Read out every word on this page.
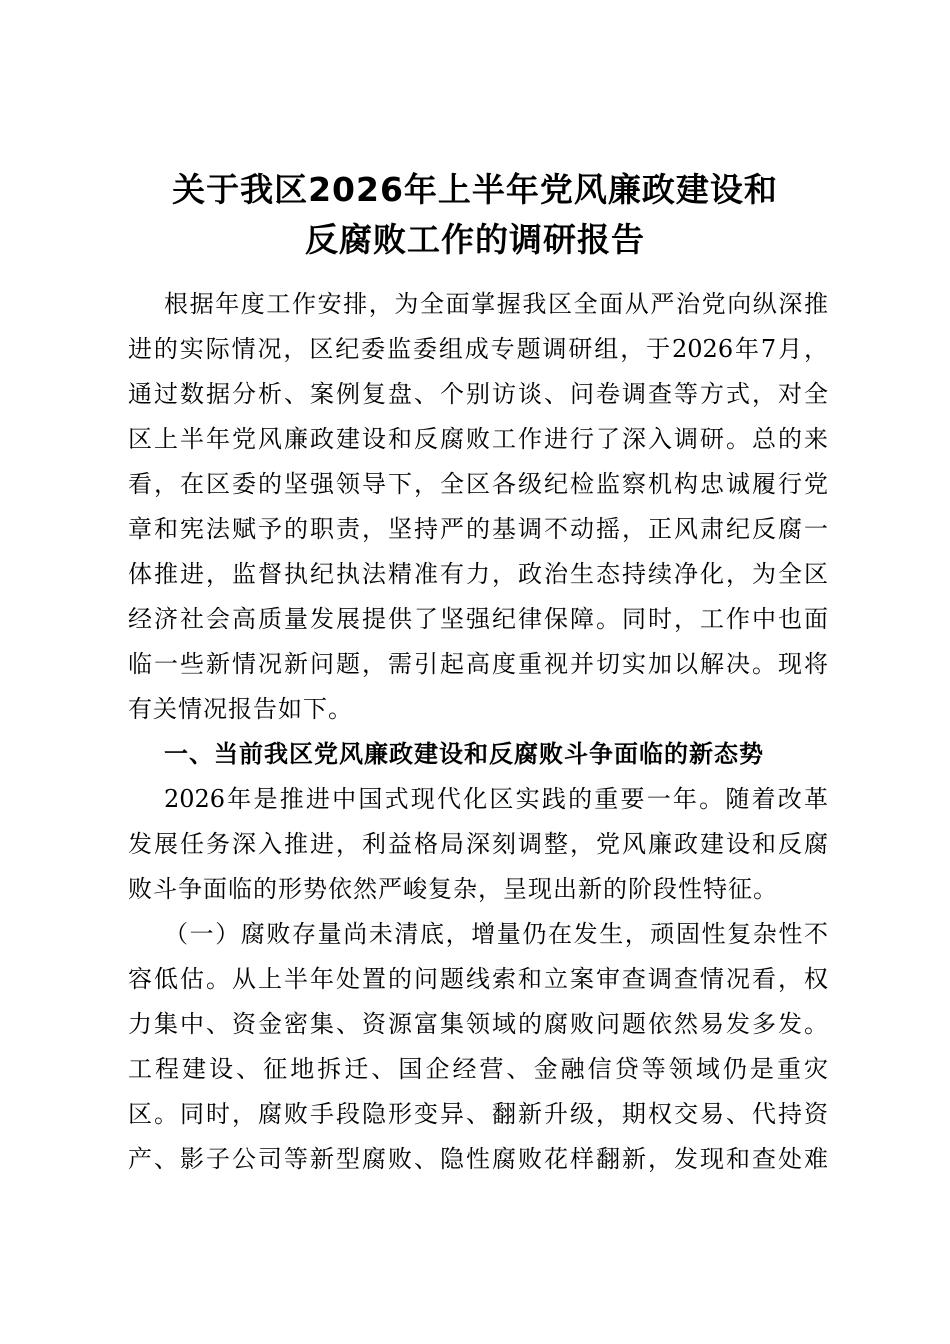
关于我区2026年上半年党风廉政建设和
反腐败工作的调研报告
根据年度工作安排，为全面掌握我区全面从严治党向纵深推
进的实际情况，区纪委监委组成专题调研组，于2026年7月，
通过数据分析、案例复盘、个别访谈、问卷调查等方式，对全
区上半年党风廉政建设和反腐败工作进行了深入调研。总的来
看，在区委的坚强领导下，全区各级纪检监察机构忠诚履行党
章和宪法赋予的职责，坚持严的基调不动摇，正风肃纪反腐一
体推进，监督执纪执法精准有力，政治生态持续净化，为全区
经济社会高质量发展提供了坚强纪律保障。同时，工作中也面
临一些新情况新问题，需引起高度重视并切实加以解决。现将
有关情况报告如下。
一、当前我区党风廉政建设和反腐败斗争面临的新态势
2026年是推进中国式现代化区实践的重要一年。随着改革
发展任务深入推进，利益格局深刻调整，党风廉政建设和反腐
败斗争面临的形势依然严峻复杂，呈现出新的阶段性特征。
（一）腐败存量尚未清底，增量仍在发生，顽固性复杂性不
容低估。从上半年处置的问题线索和立案审查调查情况看，权
力集中、资金密集、资源富集领域的腐败问题依然易发多发。
工程建设、征地拆迁、国企经营、金融信贷等领域仍是重灾
区。同时，腐败手段隐形变异、翻新升级，期权交易、代持资
产、影子公司等新型腐败、隐性腐败花样翻新，发现和查处难
